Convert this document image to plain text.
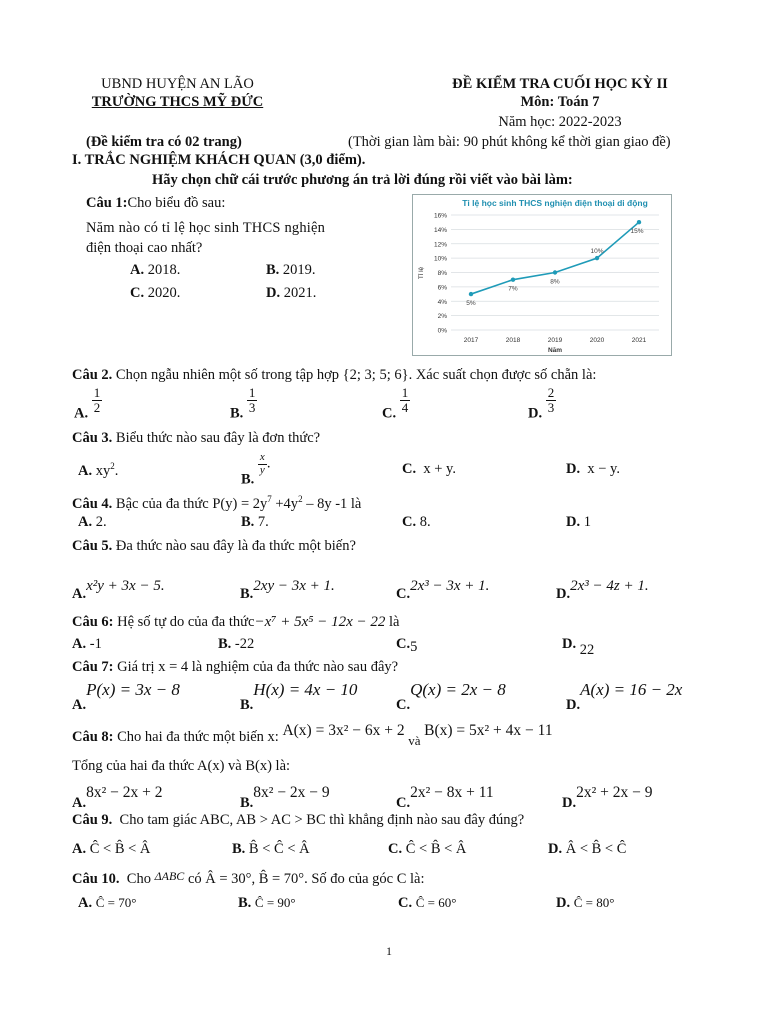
UBND HUYỆN AN LÃO
TRƯỜNG THCS MỸ ĐỨC
(Đề kiểm tra có 02 trang)
ĐỀ KIỂM TRA CUỐI HỌC KỲ II
Môn: Toán 7
Năm học: 2022-2023
(Thời gian làm bài: 90 phút không kể thời gian giao đề)
I. TRẮC NGHIỆM KHÁCH QUAN (3,0 điểm).
Hãy chọn chữ cái trước phương án trả lời đúng rồi viết vào bài làm:
Câu 1:Cho biểu đồ sau:
Năm nào có tỉ lệ học sinh THCS nghiện
điện thoại cao nhất?
A. 2018.	B. 2019.
C. 2020.	D. 2021.
Tỉ lệ học sinh THCS nghiện điện thoại di động
0%
2%
4%
6%
8%
10%
12%
14%
16%
2017	2018	2019	2020	2021
Năm
Tỉ lệ
5%
7%
8%
10%
15%
Câu 2. Chọn ngẫu nhiên một số trong tập hợp {2; 3; 5; 6}. Xác suất chọn được số chẵn là:
A. $\frac{1}{2}$	B. $\frac{1}{3}$	C. $\frac{1}{4}$	D. $\frac{2}{3}$
Câu 3. Biểu thức nào sau đây là đơn thức?
A. $xy^2$.
B.
$\frac{x}{y}$ .	C. x + y.	D. x − y.
Câu 4. Bậc của đa thức $P(y) = 2y^7 +4y^2 - 8y$ -1 là
A. 2.	B. 7.	C. 8.	D. 1
Câu 5. Đa thức nào sau đây là đa thức một biến?
A.x²y + 3x − 5.	B.2xy − 3x + 1.	C.2x³ − 3x + 1.	D.2x³ − 4z + 1.
Câu 6: Hệ số tự do của đa thức−x⁷ + 5x⁵ − 12x − 22 là
A. -1	B. -22	C.5	D. 22
Câu 7: Giá trị x = 4 là nghiệm của đa thức nào sau đây?
A.P(x) = 3x − 8
B.H(x) = 4x − 10
C.Q(x) = 2x − 8
D.A(x) = 16 − 2x
Câu 8: Cho hai đa thức một biến x: A(x) = 3x² − 6x + 2 và B(x) = 5x² + 4x − 11
Tổng của hai đa thức A(x) và B(x) là:
A.8x² − 2x + 2
B.8x² − 2x − 9
C.2x² − 8x + 11
D.2x² + 2x − 9
Câu 9. Cho tam giác ABC, AB > AC > BC thì khẳng định nào sau đây đúng?
A. Ĉ < B̂ < Â	B. B̂ < Ĉ < Â	C. Ĉ < B̂ < Â	D. Â < B̂ < Ĉ
Câu 10. Cho $^{\Delta ABC}$ có Â = 30°, B̂ = 70°. Số đo của góc C là:
A. Ĉ = 70°	B. Ĉ = 90°	C. Ĉ = 60°	D. Ĉ = 80°
1
